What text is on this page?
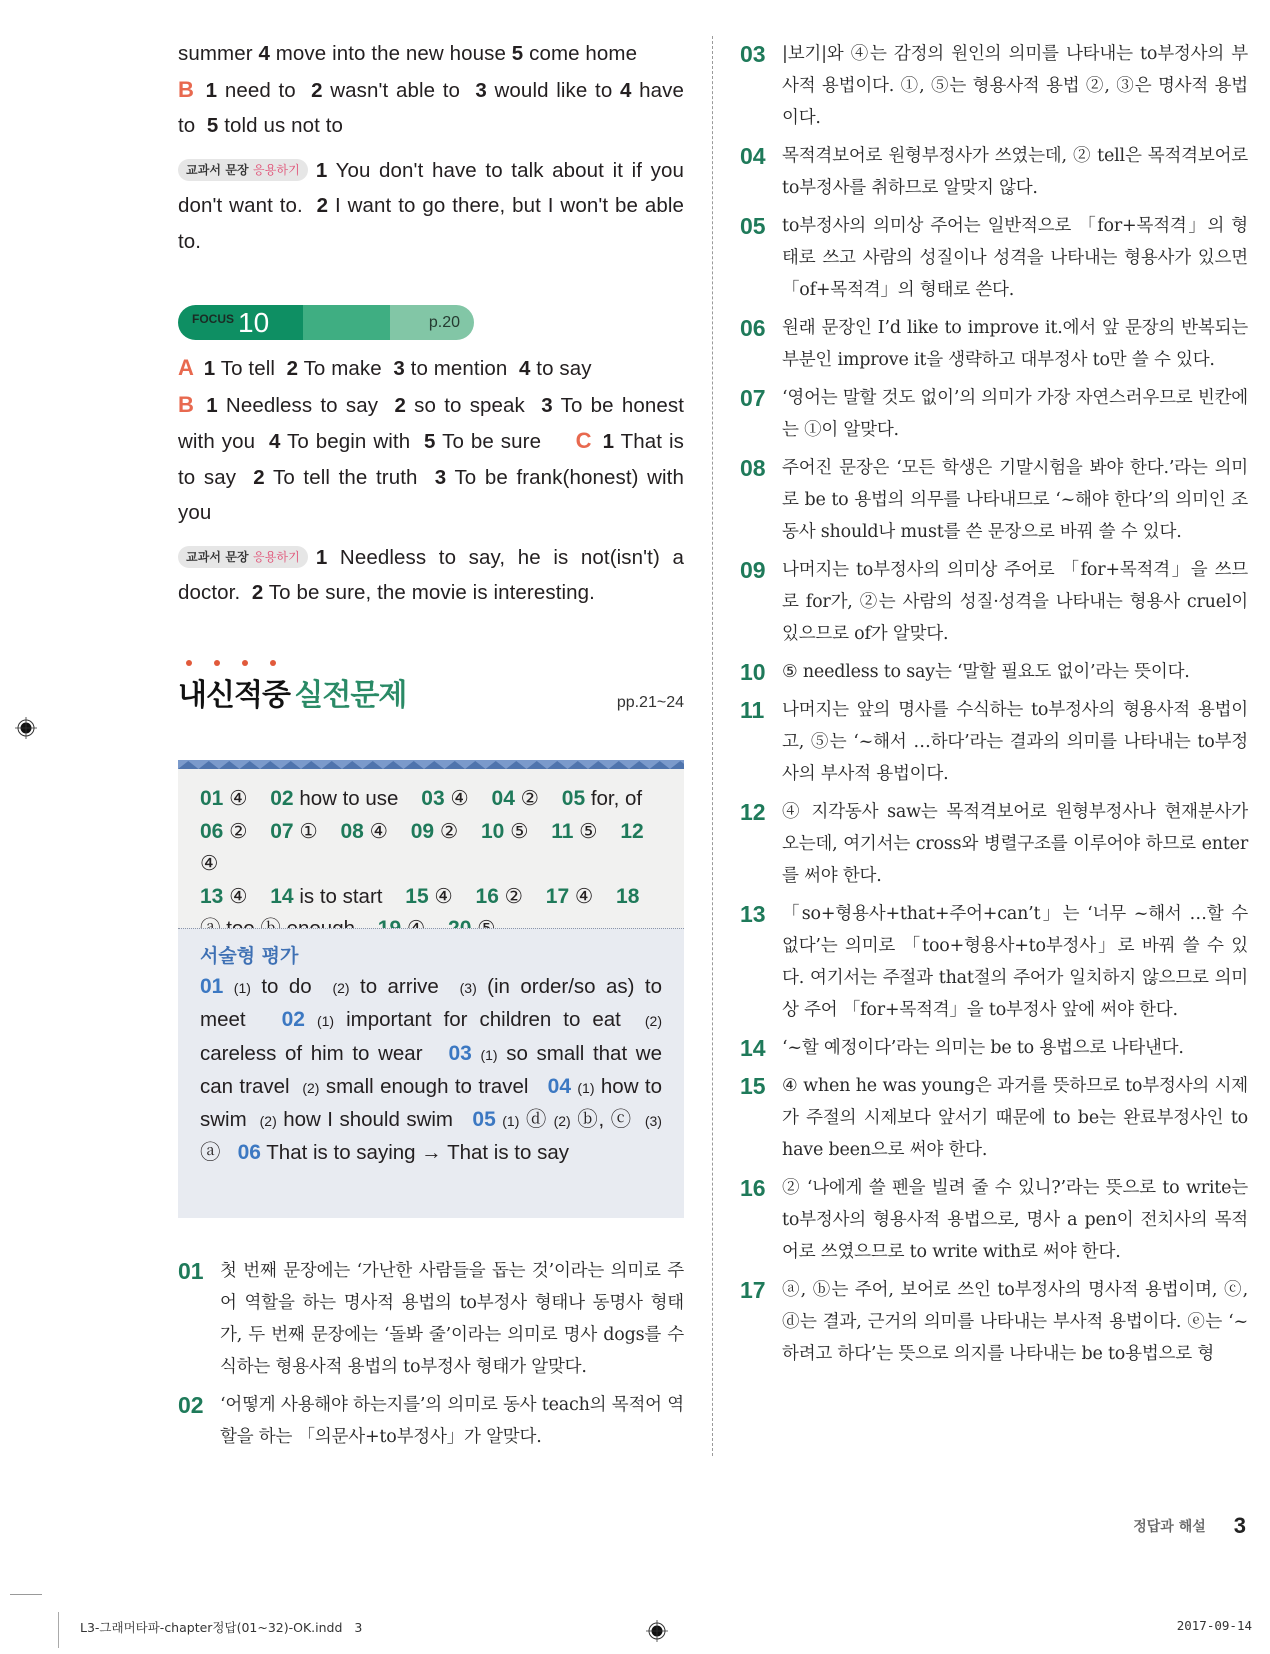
summer 4 move into the new house 5 come home
B 1 need to 2 wasn't able to 3 would like to 4 have to 5 told us not to

교과서 문장 응용하기 1 You don't have to talk about it if you don't want to. 2 I want to go there, but I won't be able to.

FOCUS 10	p.20

A 1 To tell 2 To make 3 to mention 4 to say
B 1 Needless to say 2 so to speak 3 To be honest with you 4 To begin with 5 To be sure C 1 That is to say 2 To tell the truth 3 To be frank(honest) with you

교과서 문장 응용하기 1 Needless to say, he is not(isn't) a doctor. 2 To be sure, the movie is interesting.

내신적중 실전문제	pp.21~24
01 ④ 02 how to use 03 ④ 04 ② 05 for, of
06 ② 07 ① 08 ④ 09 ② 10 ⑤ 11 ⑤ 12 ④
13 ④ 14 is to start 15 ④ 16 ② 17 ④ 18
서술형 평가

01 (1) to do (2) to arrive (3) (in order/so as) to meet 02 (1) important for children to eat (2) careless of him to wear 03 (1) so small that we can travel (2) small enough to travel 04 (1) how to swim (2) how I should swim 05 (1) ⓓ (2) ⓑ, ⓒ (3) ⓐ 06 That is to saying → That is to say

01 첫 번째 문장에는 ‘가난한 사람들을 돕는 것’이라는 의미로 주어 역할을 하는 명사적 용법의 to부정사 형태나 동명사 형태가, 두 번째 문장에는 ‘돌봐 줄’이라는 의미로 명사 dogs를 수식하는 형용사적 용법의 to부정사 형태가 알맞다.
02 ‘어떻게 사용해야 하는지를’의 의미로 동사 teach의 목적어 역할을 하는 「의문사+to부정사」가 알맞다.
03 |보기|와 ④는 감정의 원인의 의미를 나타내는 to부정사의 부사적 용법이다. ①, ⑤는 형용사적 용법 ②, ③은 명사적 용법이다.
04 목적격보어로 원형부정사가 쓰였는데, ② tell은 목적격보어로 to부정사를 취하므로 알맞지 않다.
05 to부정사의 의미상 주어는 일반적으로 「for+목적격」의 형태로 쓰고 사람의 성질이나 성격을 나타내는 형용사가 있으면 「of+목적격」의 형태로 쓴다.
06 원래 문장인 I’d like to improve it.에서 앞 문장의 반복되는 부분인 improve it을 생략하고 대부정사 to만 쓸 수 있다.
07 ‘영어는 말할 것도 없이’의 의미가 가장 자연스러우므로 빈칸에는 ①이 알맞다.
08 주어진 문장은 ‘모든 학생은 기말시험을 봐야 한다.’라는 의미로 be to 용법의 의무를 나타내므로 ‘~해야 한다’의 의미인 조동사 should나 must를 쓴 문장으로 바꿔 쓸 수 있다.
09 나머지는 to부정사의 의미상 주어로 「for+목적격」을 쓰므로 for가, ②는 사람의 성질·성격을 나타내는 형용사 cruel이 있으므로 of가 알맞다.
10 ⑤ needless to say는 ‘말할 필요도 없이’라는 뜻이다.
11	나머지는 앞의 명사를 수식하는 to부정사의 형용사적 용법이고, ⑤는 ‘~해서 …하다’라는 결과의 의미를 나타내는 to부정사의 부사적 용법이다.
12 ④ 지각동사 saw는 목적격보어로 원형부정사나 현재분사가 오는데, 여기서는 cross와 병렬구조를 이루어야 하므로 enter를 써야 한다.
13 「so+형용사+that+주어+can’t」는 ‘너무 ~해서 …할 수 없다’는 의미로 「too+형용사+to부정사」로 바꿔 쓸 수 있다. 여기서는 주절과 that절의 주어가 일치하지 않으므로 의미상 주어 「for+목적격」을 to부정사 앞에 써야 한다.
14 ‘~할 예정이다’라는 의미는 be to 용법으로 나타낸다.
15 ④ when he was young은 과거를 뜻하므로 to부정사의 시제가 주절의 시제보다 앞서기 때문에 to be는 완료부정사인 to have been으로 써야 한다.
16 ② ‘나에게 쓸 펜을 빌려 줄 수 있니?’라는 뜻으로 to write는 to부정사의 형용사적 용법으로, 명사 a pen이 전치사의 목적어로 쓰였으므로 to write with로 써야 한다.
17 ⓐ, ⓑ는 주어, 보어로 쓰인 to부정사의 명사적 용법이며, ⓒ, ⓓ는 결과, 근거의 의미를 나타내는 부사적 용법이다. ⓔ는 ‘~하려고 하다’는 뜻으로 의지를 나타내는 be to용법으로 형
정답과 해설 3
L3-그래머타파-chapter정답(01~32)-OK.indd 3	2017-09-14
